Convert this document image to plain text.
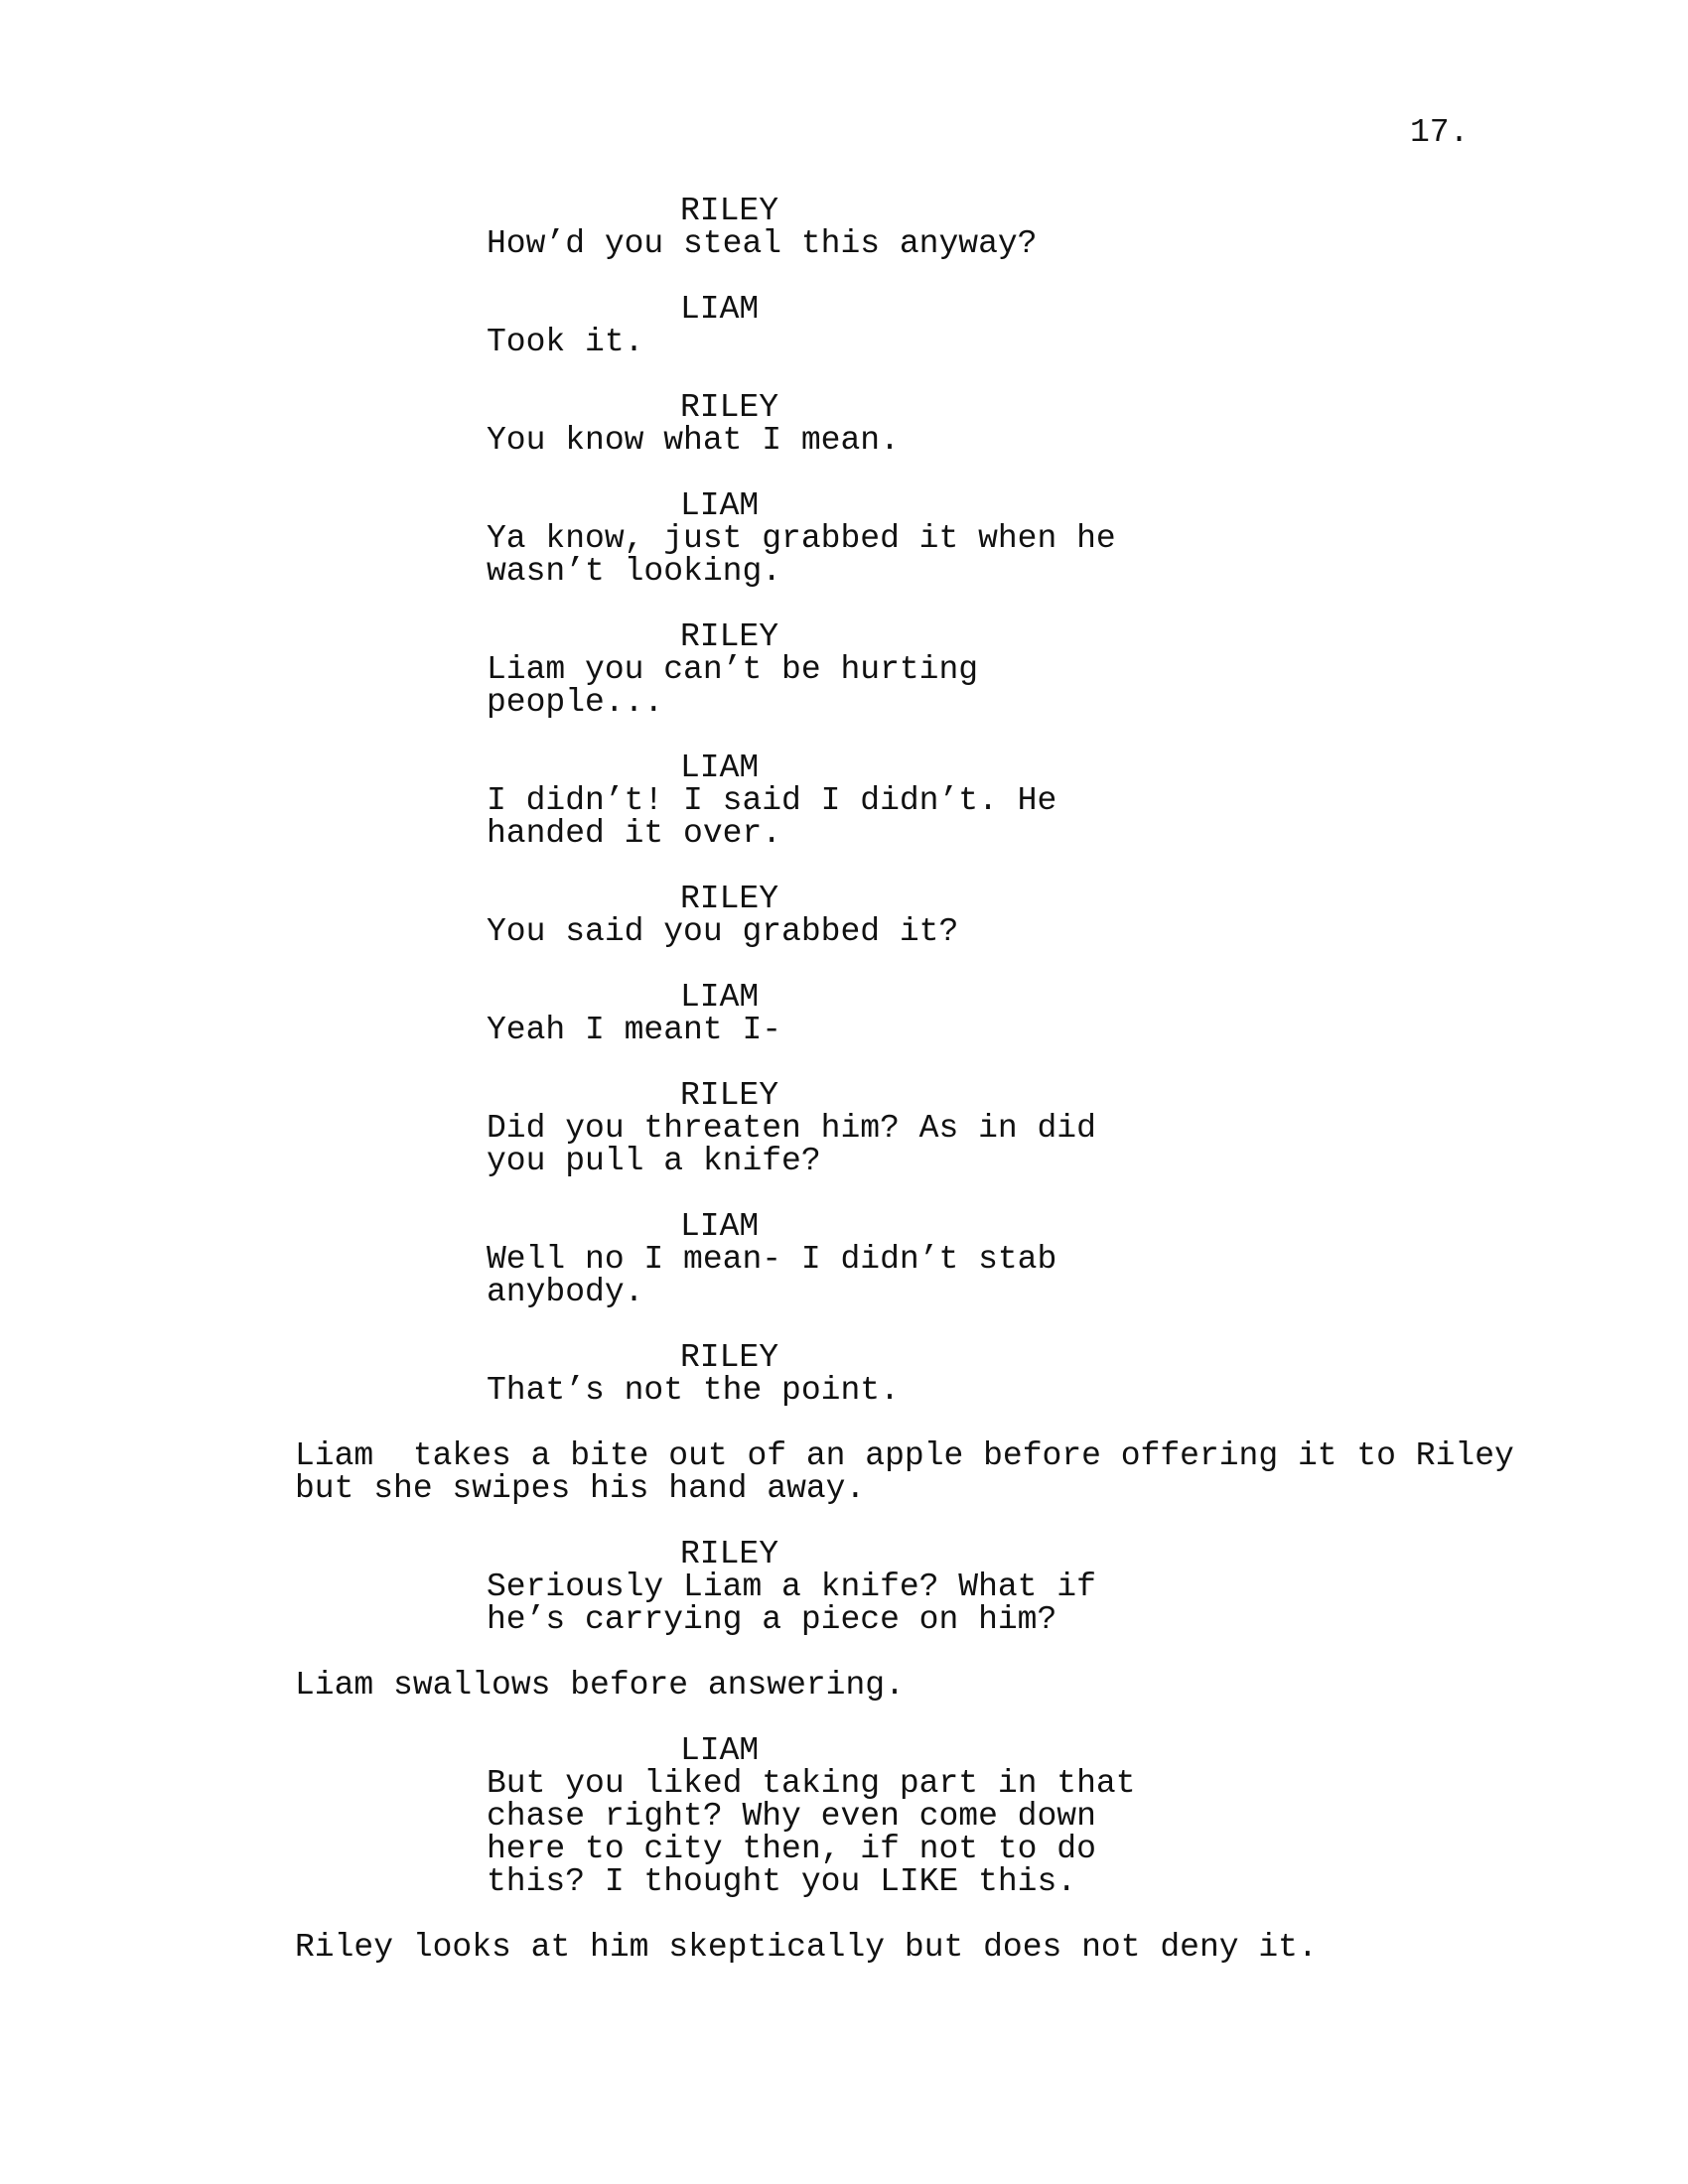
17.
RILEY
How’d you steal this anyway?
LIAM
Took it.
RILEY
You know what I mean.
LIAM
Ya know, just grabbed it when he
wasn’t looking.
RILEY
Liam you can’t be hurting
people...
LIAM
I didn’t! I said I didn’t. He
handed it over.
RILEY
You said you grabbed it?
LIAM
Yeah I meant I-
RILEY
Did you threaten him? As in did
you pull a knife?
LIAM
Well no I mean- I didn’t stab
anybody.
RILEY
That’s not the point.
Liam  takes a bite out of an apple before offering it to Riley
but she swipes his hand away.
RILEY
Seriously Liam a knife? What if
he’s carrying a piece on him?
Liam swallows before answering.
LIAM
But you liked taking part in that
chase right? Why even come down
here to city then, if not to do
this? I thought you LIKE this.
Riley looks at him skeptically but does not deny it.
